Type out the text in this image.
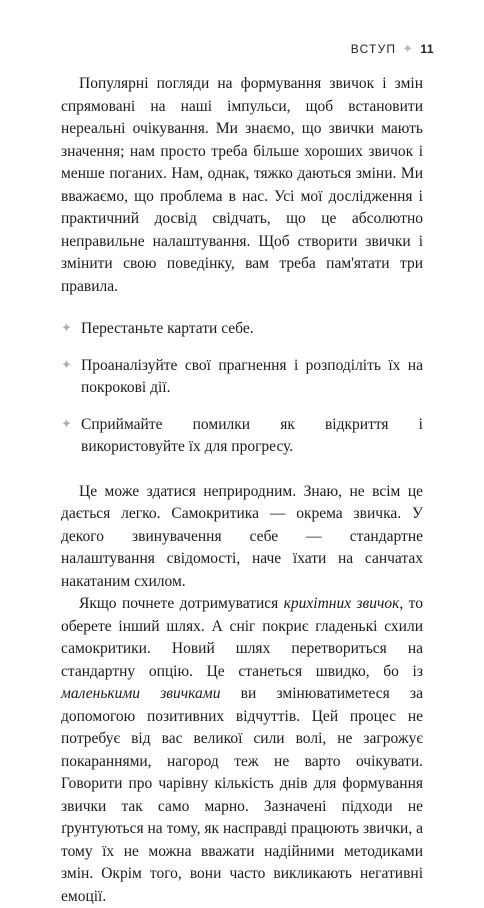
ВСТУП ✦ 11

Популярні погляди на формування звичок і змін спрямовані на наші імпульси, щоб встановити нереальні очікування. Ми знаємо, що звички мають значення; нам просто треба більше хороших звичок і менше поганих. Нам, однак, тяжко даються зміни. Ми вважаємо, що проблема в нас. Усі мої дослідження і практичний досвід свідчать, що це абсолютно неправильне налаштування. Щоб створити звички і змінити свою поведінку, вам треба пам'ятати три правила.

✦ Перестаньте картати себе.
✦ Проаналізуйте свої прагнення і розподіліть їх на покрокові дії.
✦ Сприймайте помилки як відкриття і використовуйте їх для прогресу.

Це може здатися неприродним. Знаю, не всім це дається легко. Самокритика — окрема звичка. У декого звинувачення себе — стандартне налаштування свідомості, наче їхати на санчатах накатаним схилом.

Якщо почнете дотримуватися крихітних звичок, то оберете інший шлях. А сніг покриє гладенькі схили самокритики. Новий шлях перетвориться на стандартну опцію. Це станеться швидко, бо із маленькими звичками ви змінюватиметеся за допомогою позитивних відчуттів. Цей процес не потребує від вас великої сили волі, не загрожує покараннями, нагород теж не варто очікувати. Говорити про чарівну кількість днів для формування звички так само марно. Зазначені підходи не ґрунтуються на тому, як насправді працюють звички, а тому їх не можна вважати надійними методиками змін. Окрім того, вони часто викликають негативні емоції.
